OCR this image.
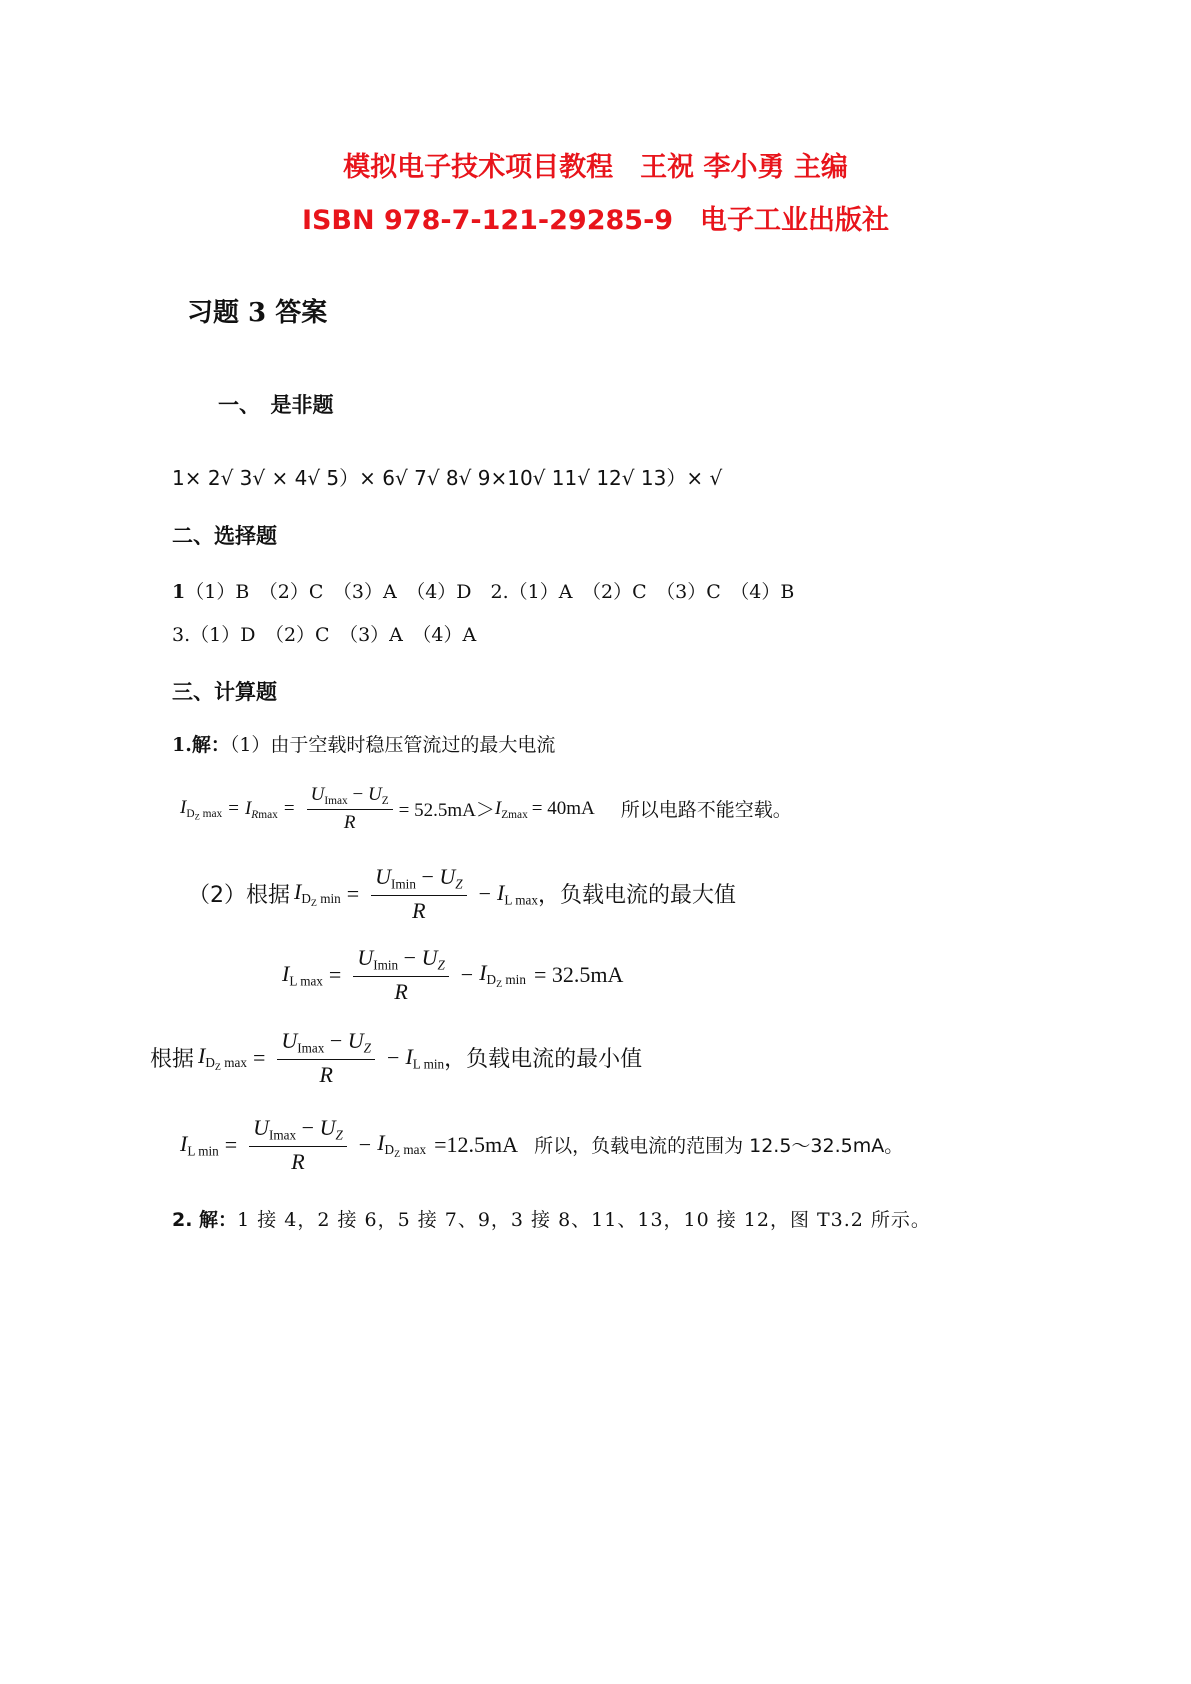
模拟电子技术项目教程　王祝 李小勇 主编
ISBN 978-7-121-29285-9　电子工业出版社
习题 3 答案
一、　是非题
1× 2√ 3√ × 4√ 5）× 6√ 7√ 8√ 9×10√ 11√ 12√ 13）× √
二、选择题
1（1）B　（2）C　（3）A　（4）D　2.（1）A　（2）C　（3）C　（4）B
3.（1）D　（2）C　（3）A　（4）A
三、计算题
1.解：（1）由于空载时稳压管流过的最大电流
$I_{D_Z max} = I_{Rmax} = \frac{U_{Imax} - U_Z}{R} = 52.5mA> I_{Zmax} = 40mA$ 所以电路不能空载。
（2）根据 $I_{D_Z min} = \frac{U_{Imin} - U_Z}{R} - I_{L max}$ ，负载电流的最大值
$I_{L max} = \frac{U_{Imin} - U_Z}{R} - I_{D_Z min} = 32.5mA$
根据 $I_{D_Z max} = \frac{U_{Imax} - U_Z}{R} - I_{L min}$ ，负载电流的最小值
$I_{L min} = \frac{U_{Imax} - U_Z}{R} - I_{D_Z max} =12.5mA$ 所以，负载电流的范围为 12.5～32.5mA。
2. 解：1 接 4，2 接 6，5 接 7、9，3 接 8、11、13，10 接 12，图 T3.2 所示。
